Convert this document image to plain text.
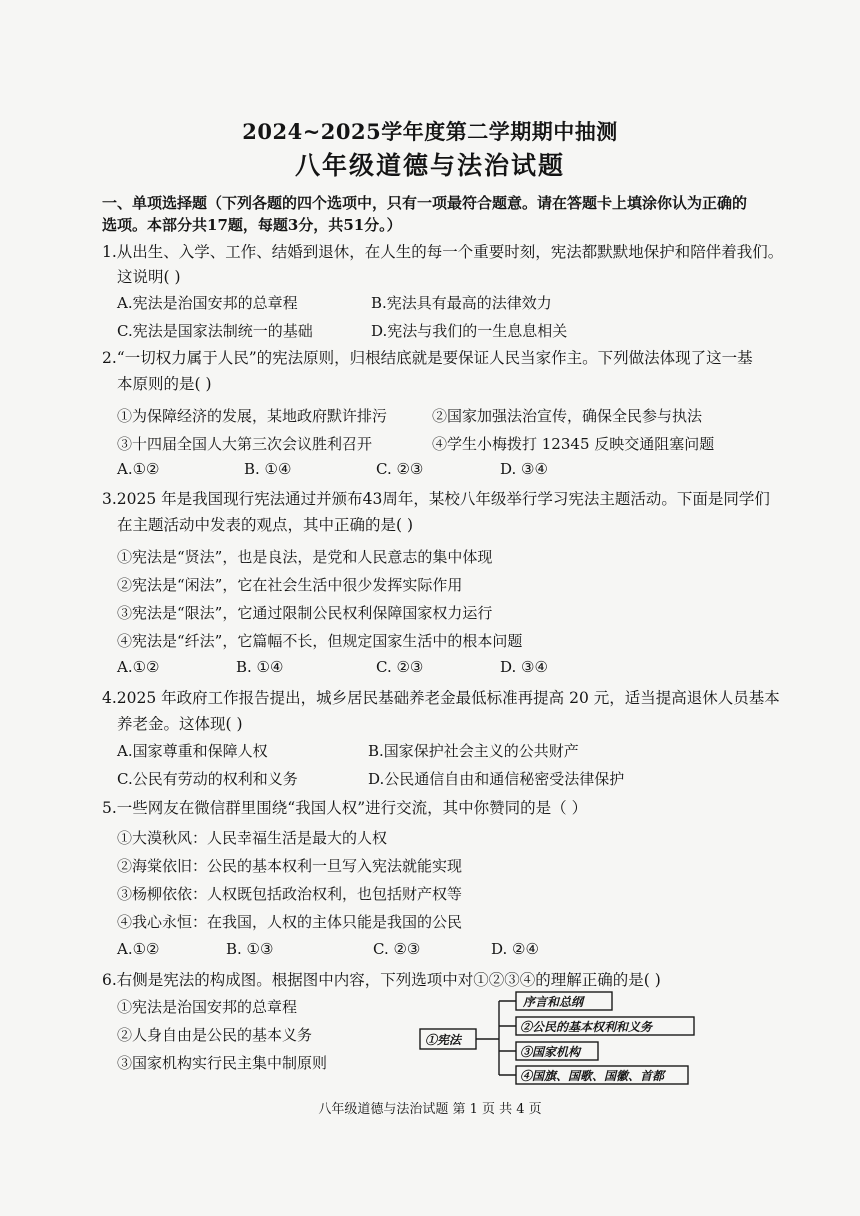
2024~2025学年度第二学期期中抽测
八年级道德与法治试题
一、单项选择题（下列各题的四个选项中，只有一项最符合题意。请在答题卡上填涂你认为正确的
选项。本部分共17题，每题3分，共51分。）
1.从出生、入学、工作、结婚到退休，在人生的每一个重要时刻，宪法都默默地保护和陪伴着我们。
这说明( )
A.宪法是治国安邦的总章程	B.宪法具有最高的法律效力
C.宪法是国家法制统一的基础	D.宪法与我们的一生息息相关
2.“一切权力属于人民”的宪法原则，归根结底就是要保证人民当家作主。下列做法体现了这一基
本原则的是( )
①为保障经济的发展，某地政府默许排污	②国家加强法治宣传，确保全民参与执法
③十四届全国人大第三次会议胜利召开	④学生小梅拨打 12345 反映交通阻塞问题
A.①②	B. ①④	C. ②③	D. ③④
3.2025 年是我国现行宪法通过并颁布43周年，某校八年级举行学习宪法主题活动。下面是同学们
在主题活动中发表的观点，其中正确的是( )
①宪法是“贤法”，也是良法，是党和人民意志的集中体现
②宪法是“闲法”，它在社会生活中很少发挥实际作用
③宪法是“限法”，它通过限制公民权利保障国家权力运行
④宪法是“纤法”，它篇幅不长，但规定国家生活中的根本问题
A.①②	B. ①④	C. ②③	D. ③④
4.2025 年政府工作报告提出，城乡居民基础养老金最低标准再提高 20 元，适当提高退休人员基本
养老金。这体现( )
A.国家尊重和保障人权	B.国家保护社会主义的公共财产
C.公民有劳动的权利和义务	D.公民通信自由和通信秘密受法律保护
5.一些网友在微信群里围绕“我国人权”进行交流，其中你赞同的是（ ）
①大漠秋风：人民幸福生活是最大的人权
②海棠依旧：公民的基本权利一旦写入宪法就能实现
③杨柳依依：人权既包括政治权利，也包括财产权等
④我心永恒：在我国，人权的主体只能是我国的公民
A.①②	B. ①③	C. ②③	D. ②④
6.右侧是宪法的构成图。根据图中内容，下列选项中对①②③④的理解正确的是( )
①宪法是治国安邦的总章程
②人身自由是公民的基本义务
③国家机构实行民主集中制原则
①宪法
序言和总纲
②公民的基本权利和义务
③国家机构
④国旗、国歌、国徽、首都
八年级道德与法治试题 第 1 页 共 4 页
